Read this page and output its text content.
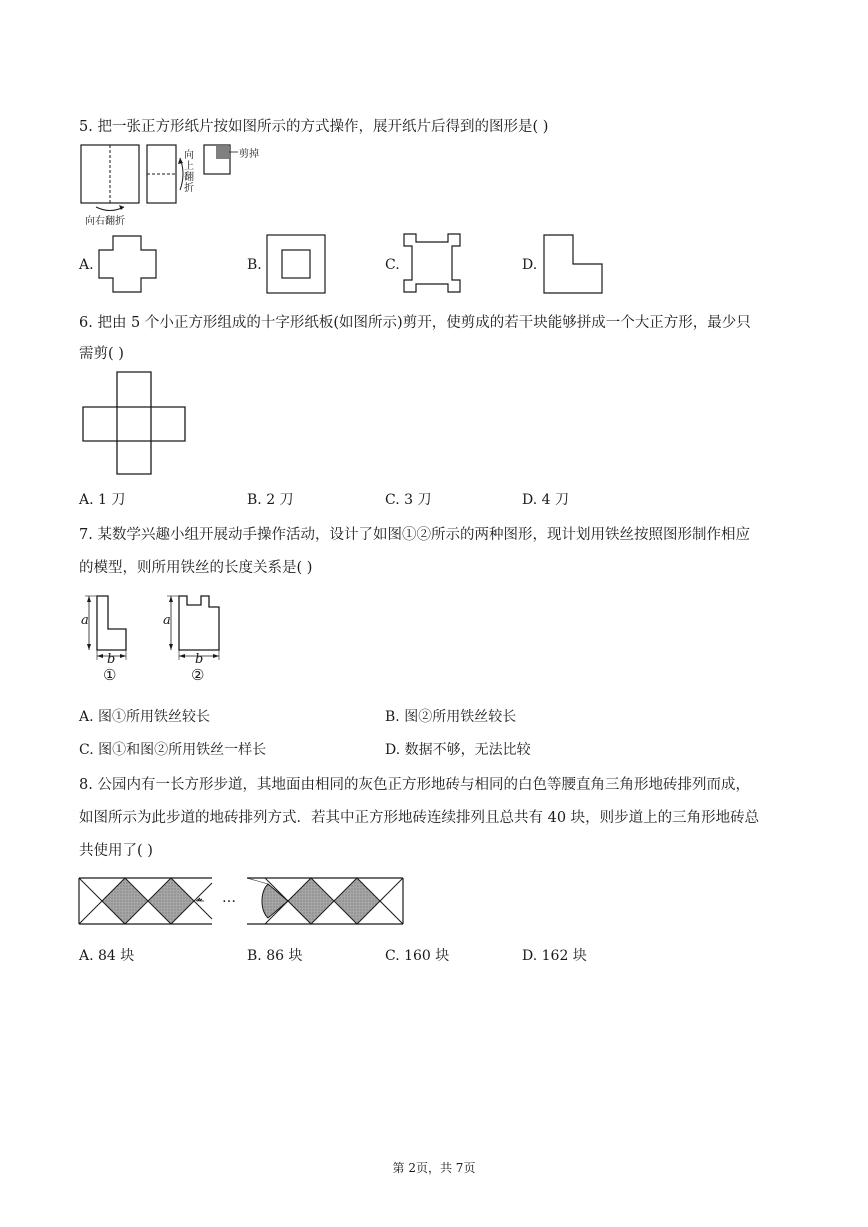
5. 把一张正方形纸片按如图所示的方式操作，展开纸片后得到的图形是( )
向右翻折
向上翻折
剪掉
A.	B.	C.	D.
6. 把由 5 个小正方形组成的十字形纸板(如图所示)剪开，使剪成的若干块能够拼成一个大正方形，最少只
需剪( )
A. 1 刀	B. 2 刀	C. 3 刀	D. 4 刀
7. 某数学兴趣小组开展动手操作活动，设计了如图①②所示的两种图形，现计划用铁丝按照图形制作相应
的模型，则所用铁丝的长度关系是( )
a
b
①
a
b
②
A. 图①所用铁丝较长	B. 图②所用铁丝较长
C. 图①和图②所用铁丝一样长	D. 数据不够，无法比较
8. 公园内有一长方形步道，其地面由相同的灰色正方形地砖与相同的白色等腰直角三角形地砖排列而成，
如图所示为此步道的地砖排列方式．若其中正方形地砖连续排列且总共有 40 块，则步道上的三角形地砖总
共使用了( )
…
A. 84 块	B. 86 块	C. 160 块	D. 162 块
第 2页，共 7页
